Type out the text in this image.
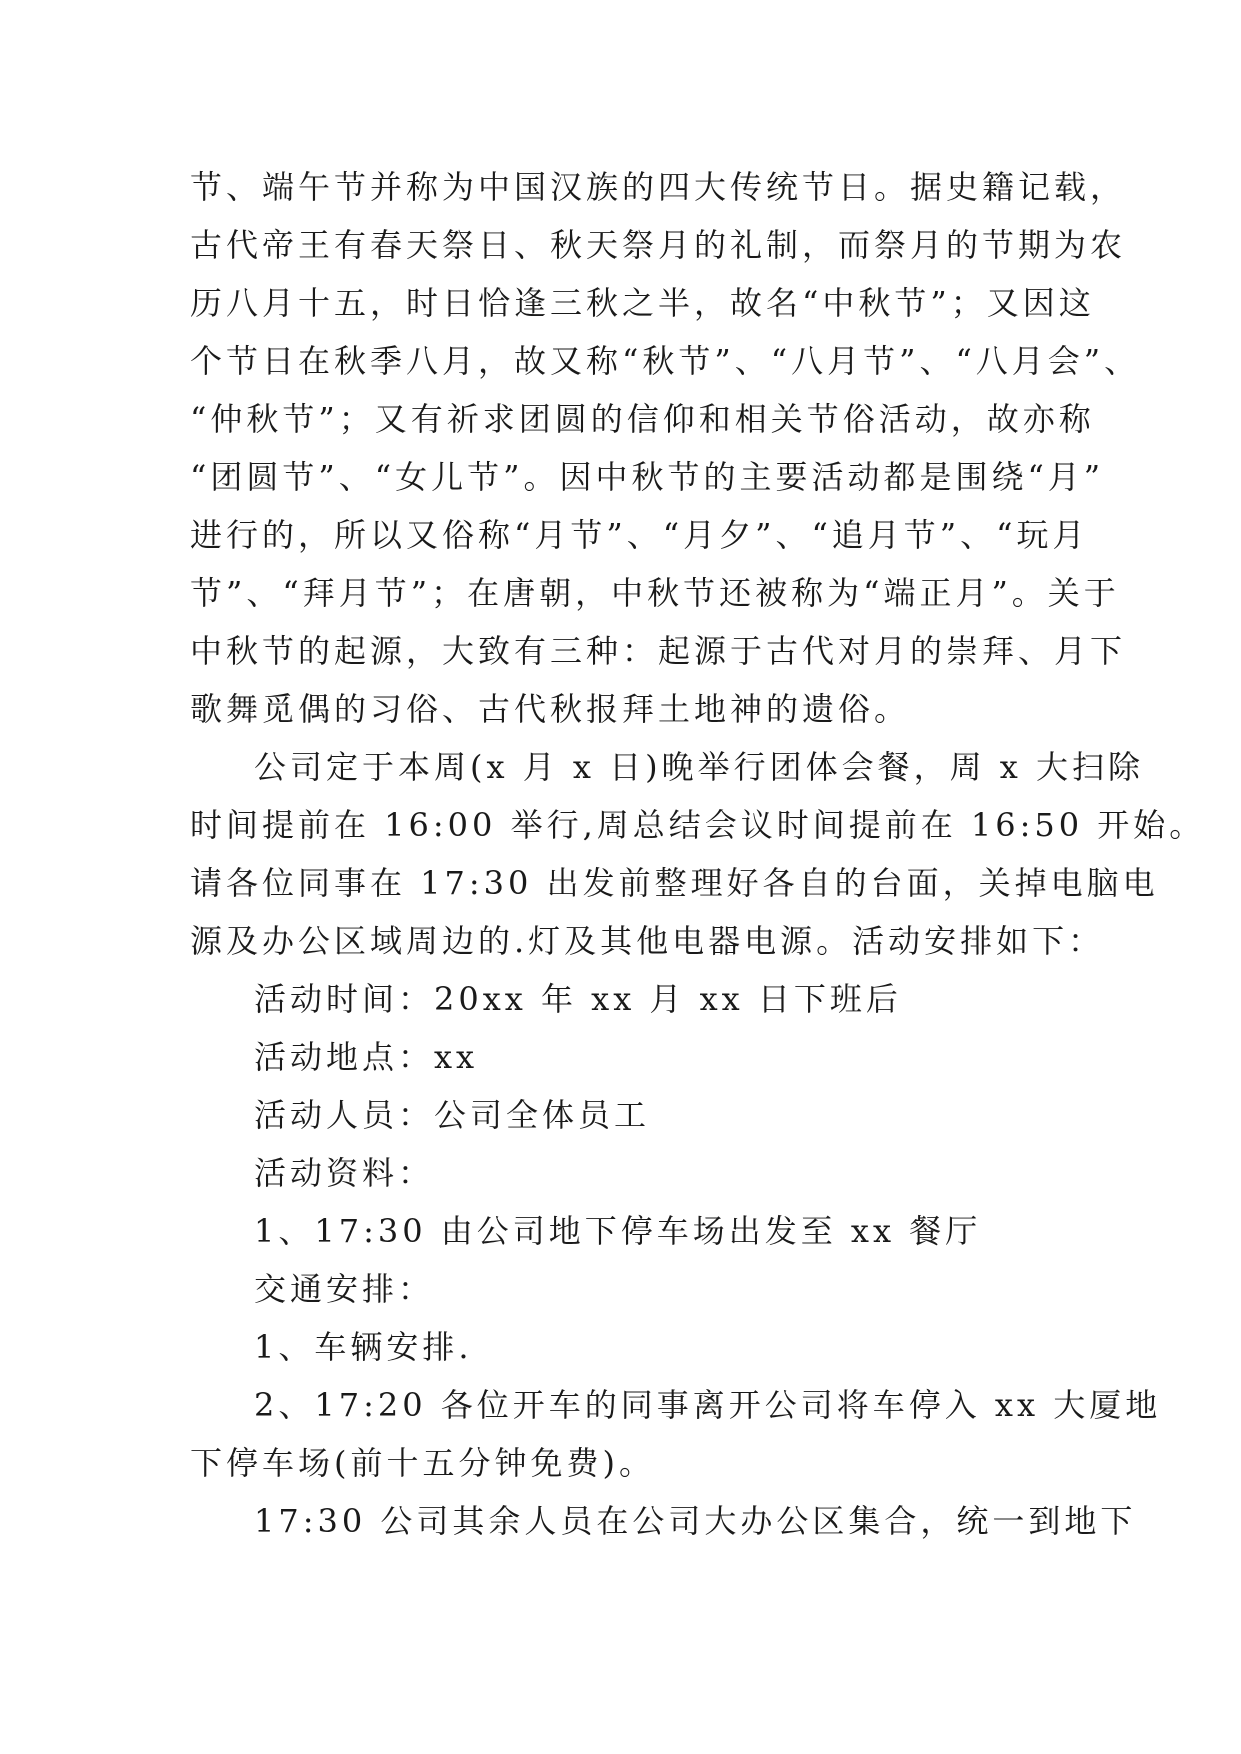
节、端午节并称为中国汉族的四大传统节日。据史籍记载，
古代帝王有春天祭日、秋天祭月的礼制，而祭月的节期为农
历八月十五，时日恰逢三秋之半，故名“中秋节”；又因这
个节日在秋季八月，故又称“秋节”、“八月节”、“八月会”、
“仲秋节”；又有祈求团圆的信仰和相关节俗活动，故亦称
“团圆节”、“女儿节”。因中秋节的主要活动都是围绕“月”
进行的，所以又俗称“月节”、“月夕”、“追月节”、“玩月
节”、“拜月节”；在唐朝，中秋节还被称为“端正月”。关于
中秋节的起源，大致有三种：起源于古代对月的崇拜、月下
歌舞觅偶的习俗、古代秋报拜土地神的遗俗。
公司定于本周(x 月 x 日)晚举行团体会餐，周 x 大扫除
时间提前在 16:00 举行,周总结会议时间提前在 16:50 开始。
请各位同事在 17:30 出发前整理好各自的台面，关掉电脑电
源及办公区域周边的.灯及其他电器电源。活动安排如下：
活动时间：20xx 年 xx 月 xx 日下班后
活动地点：xx
活动人员：公司全体员工
活动资料：
1、17:30 由公司地下停车场出发至 xx 餐厅
交通安排：
1、车辆安排.
2、17:20 各位开车的同事离开公司将车停入 xx 大厦地
下停车场(前十五分钟免费)。
17:30 公司其余人员在公司大办公区集合，统一到地下
